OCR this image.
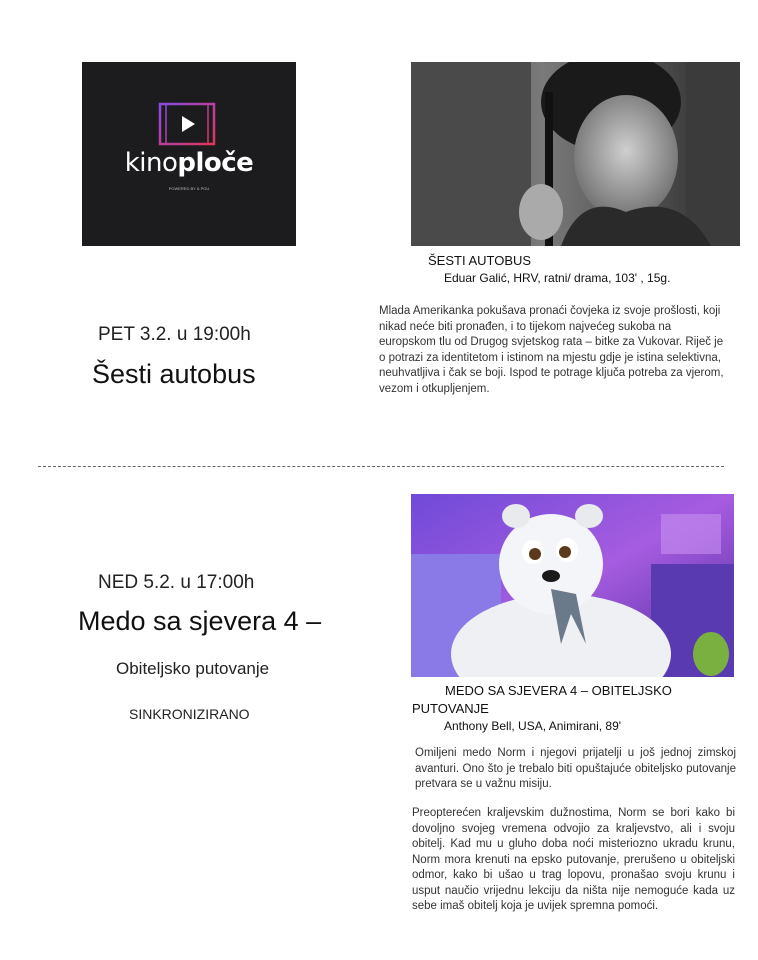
kinoploče
POWERED BY & POU
ŠESTI AUTOBUS
Eduar Galić, HRV, ratni/ drama, 103' , 15g.
Mlada Amerikanka pokušava pronaći čovjeka iz svoje prošlosti, koji nikad neće biti pronađen, i to tijekom najvećeg sukoba na europskom tlu od Drugog svjetskog rata – bitke za Vukovar. Riječ je o potrazi za identitetom i istinom na mjestu gdje je istina selektivna, neuhvatljiva i čak se boji. Ispod te potrage ključa potreba za vjerom, vezom i otkupljenjem.
PET 3.2. u 19:00h
Šesti autobus
NED 5.2. u 17:00h
Medo sa sjevera 4 –
Obiteljsko putovanje
SINKRONIZIRANO
MEDO SA SJEVERA 4 – OBITELJSKO PUTOVANJE
Anthony Bell, USA, Animirani, 89'
Omiljeni medo Norm i njegovi prijatelji u još jednoj zimskoj avanturi. Ono što je trebalo biti opuštajuće obiteljsko putovanje pretvara se u važnu misiju.
Preopterećen kraljevskim dužnostima, Norm se bori kako bi dovoljno svojeg vremena odvojio za kraljevstvo, ali i svoju obitelj. Kad mu u gluho doba noći misteriozno ukradu krunu, Norm mora krenuti na epsko putovanje, prerušeno u obiteljski odmor, kako bi ušao u trag lopovu, pronašao svoju krunu i usput naučio vrijednu lekciju da ništa nije nemoguće kada uz sebe imaš obitelj koja je uvijek spremna pomoći.
